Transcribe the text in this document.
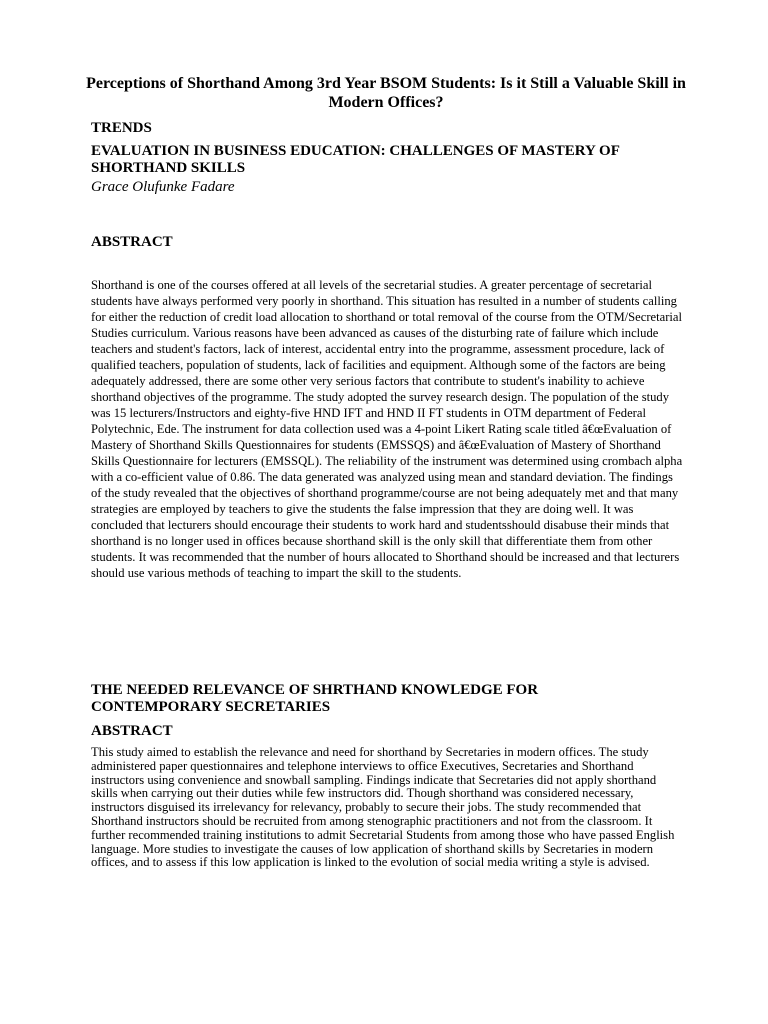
Perceptions of Shorthand Among 3rd Year BSOM Students: Is it Still a Valuable Skill in Modern Offices?
TRENDS
EVALUATION IN BUSINESS EDUCATION: CHALLENGES OF MASTERY OF SHORTHAND SKILLS

Grace Olufunke Fadare

ABSTRACT

Shorthand is one of the courses offered at all levels of the secretarial studies. A greater percentage of secretarial students have always performed very poorly in shorthand. This situation has resulted in a number of students calling for either the reduction of credit load allocation to shorthand or total removal of the course from the OTM/Secretarial Studies curriculum. Various reasons have been advanced as causes of the disturbing rate of failure which include teachers and student's factors, lack of interest, accidental entry into the programme, assessment procedure, lack of qualified teachers, population of students, lack of facilities and equipment. Although some of the factors are being adequately addressed, there are some other very serious factors that contribute to student's inability to achieve shorthand objectives of the programme. The study adopted the survey research design. The population of the study was 15 lecturers/Instructors and eighty-five HND IFT and HND II FT students in OTM department of Federal Polytechnic, Ede. The instrument for data collection used was a 4-point Likert Rating scale titled â€œEvaluation of Mastery of Shorthand Skills Questionnaires for students (EMSSQS) and â€œEvaluation of Mastery of Shorthand Skills Questionnaire for lecturers (EMSSQL). The reliability of the instrument was determined using crombach alpha with a co-efficient value of 0.86. The data generated was analyzed using mean and standard deviation. The findings of the study revealed that the objectives of shorthand programme/course are not being adequately met and that many strategies are employed by teachers to give the students the false impression that they are doing well. It was concluded that lecturers should encourage their students to work hard and studentsshould disabuse their minds that shorthand is no longer used in offices because shorthand skill is the only skill that differentiate them from other students. It was recommended that the number of hours allocated to Shorthand should be increased and that lecturers should use various methods of teaching to impart the skill to the students.

THE NEEDED RELEVANCE OF SHRTHAND KNOWLEDGE FOR CONTEMPORARY SECRETARIES
ABSTRACT

This study aimed to establish the relevance and need for shorthand by Secretaries in modern offices. The study administered paper questionnaires and telephone interviews to office Executives, Secretaries and Shorthand instructors using convenience and snowball sampling. Findings indicate that Secretaries did not apply shorthand skills when carrying out their duties while few instructors did. Though shorthand was considered necessary, instructors disguised its irrelevancy for relevancy, probably to secure their jobs. The study recommended that Shorthand instructors should be recruited from among stenographic practitioners and not from the classroom. It further recommended training institutions to admit Secretarial Students from among those who have passed English language. More studies to investigate the causes of low application of shorthand skills by Secretaries in modern offices, and to assess if this low application is linked to the evolution of social media writing a style is advised.
